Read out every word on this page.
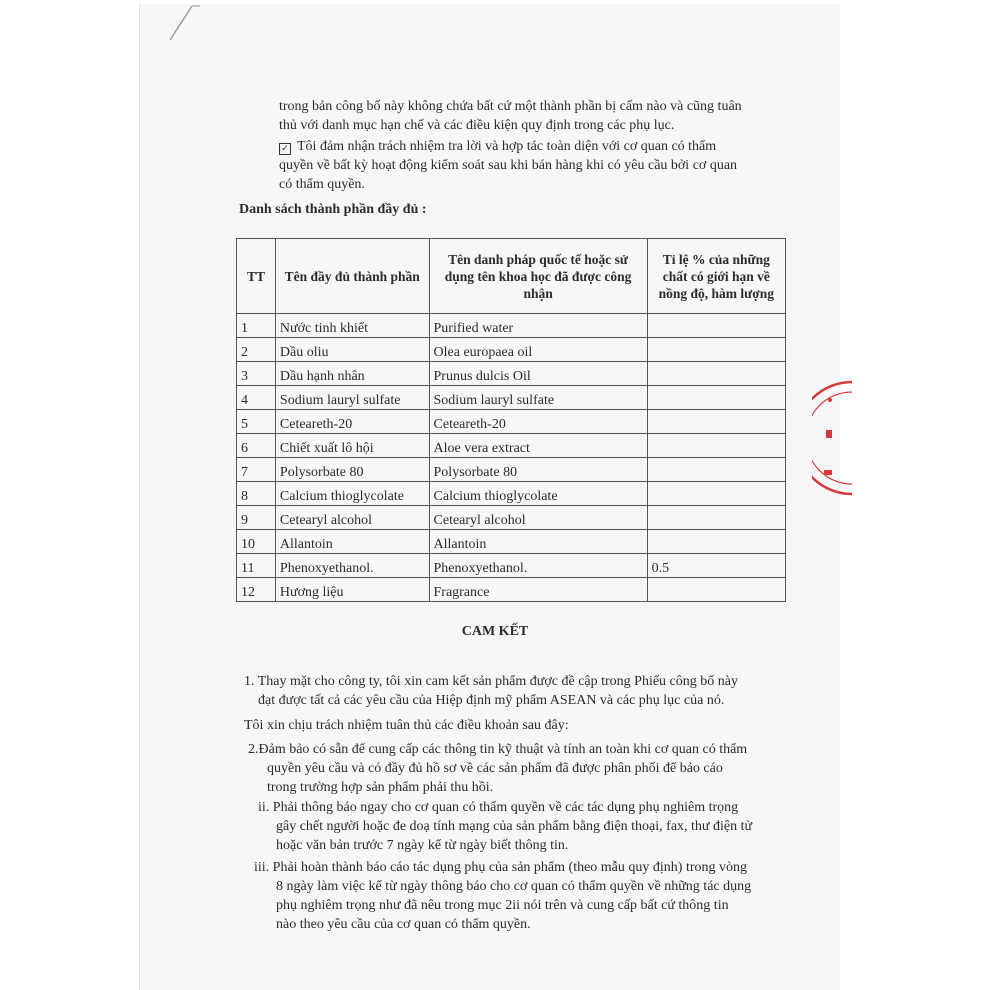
trong bản công bố này không chứa bất cứ một thành phần bị cấm nào và cũng tuân
thủ với danh mục hạn chế và các điều kiện quy định trong các phụ lục.
✓ Tôi đảm nhận trách nhiệm tra lời và hợp tác toàn diện với cơ quan có thẩm
quyền về bất kỳ hoạt động kiểm soát sau khi bán hàng khi có yêu cầu bởi cơ quan
có thẩm quyền.
Danh sách thành phần đầy đủ :
TT	Tên đầy đủ thành phần	Tên danh pháp quốc tế hoặc sử dụng tên khoa học đã được công nhận	Tỉ lệ % của những chất có giới hạn về nồng độ, hàm lượng
1	Nước tinh khiết	Purified water	
2	Dầu oliu	Olea europaea oil	
3	Dầu hạnh nhân	Prunus dulcis Oil	
4	Sodium lauryl sulfate	Sodium lauryl sulfate	
5	Ceteareth-20	Ceteareth-20	
6	Chiết xuất lô hội	Aloe vera extract	
7	Polysorbate 80	Polysorbate 80	
8	Calcium thioglycolate	Calcium thioglycolate	
9	Cetearyl alcohol	Cetearyl alcohol	
10	Allantoin	Allantoin	
11	Phenoxyethanol.	Phenoxyethanol.	0.5
12	Hương liệu	Fragrance	
CAM KẾT
1. Thay mặt cho công ty, tôi xin cam kết sản phẩm được đề cập trong Phiếu công bố này
đạt được tất cả các yêu cầu của Hiệp định mỹ phẩm ASEAN và các phụ lục của nó.
Tôi xin chịu trách nhiệm tuân thủ các điều khoản sau đây:
2.Đảm bảo có sẵn để cung cấp các thông tin kỹ thuật và tính an toàn khi cơ quan có thẩm
quyền yêu cầu và có đầy đủ hồ sơ về các sản phẩm đã được phân phối để bảo cáo
trong trường hợp sản phẩm phải thu hồi.
ii. Phải thông báo ngay cho cơ quan có thẩm quyền về các tác dụng phụ nghiêm trọng
gây chết người hoặc đe doạ tính mạng của sản phẩm bằng điện thoại, fax, thư điện tử
hoặc văn bản trước 7 ngày kể từ ngày biết thông tin.
iii. Phải hoàn thành báo cáo tác dụng phụ của sản phẩm (theo mẫu quy định) trong vòng
8 ngày làm việc kể từ ngày thông báo cho cơ quan có thẩm quyền về những tác dụng
phụ nghiêm trọng như đã nêu trong mục 2ii nói trên và cung cấp bất cứ thông tin
nào theo yêu cầu của cơ quan có thẩm quyền.
